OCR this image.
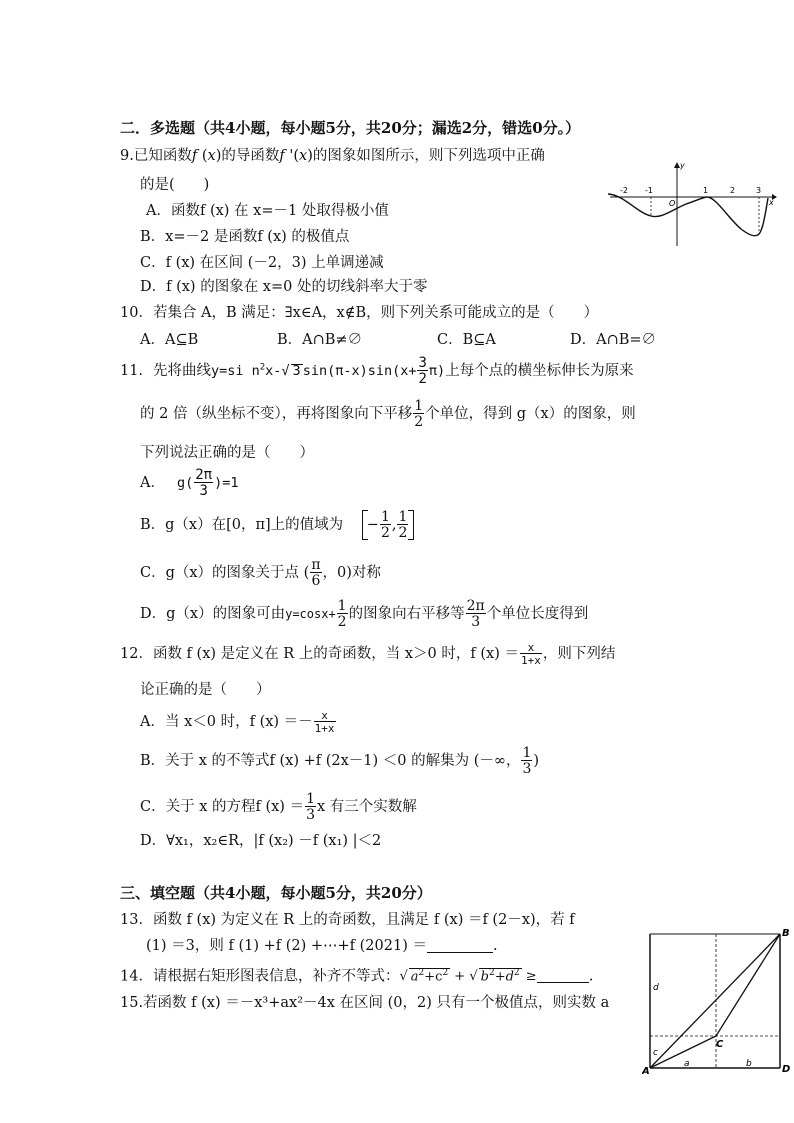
二．多选题（共4小题，每小题5分，共20分；漏选2分，错选0分。）
9.已知函数f (x)的导函数f '(x)的图象如图所示，则下列选项中正确
的是(　　)
A．函数f (x) 在 x=－1 处取得极小值
B．x=－2 是函数f (x) 的极值点
C．f (x) 在区间 (－2，3) 上单调递减
D．f (x) 的图象在 x=0 处的切线斜率大于零
y
x
O
-2 -1	1	2	3
10．若集合 A，B 满足：∃x∈A，x∉B，则下列关系可能成立的是（　　）
A．A⊆B	B．A∩B≠∅	C．B⊆A	D．A∩B=∅
11．先将曲线y=si $n^2x-√$ 3 $\sin(\pi-x)\sin(x+ \frac{3}{2} \pi)$上每个点的横坐标伸长为原来
的 2 倍（纵坐标不变），再将图象向下平移 $\frac{1}{2}$ 个单位，得到 g（x）的图象，则
下列说法正确的是（　　）
A． $g( \frac{2\pi}{3} )=1$
B．g（x）在[0，π]上的值域为 − $\frac{1}{2}$ , $\frac{1}{2}$
C．g（x）的图象关于点 ( $\frac{\pi}{6}$ ，0)对称
D．g（x）的图象可由$y=\cos x+ \frac{1}{2}$ 的图象向右平移等 $\frac{2\pi}{3}$ 个单位长度得到
12．函数 f (x) 是定义在 R 上的奇函数，当 x＞0 时，f $(x) = \frac{x}{1+x}$ ，则下列结
论正确的是（　　）
A．当 x＜0 时，f $(x) =- \frac{x}{1+x}$
B．关于 x 的不等式f (x) +f (2x－1) ＜0 的解集为 (－∞， $\frac{1}{3}$ )
C．关于 x 的方程f $(x) = \frac{1}{3}$ x 有三个实数解
D．∀x₁，x₂∈R，|f (x₂) －f (x₁) |＜2
三、填空题（共4小题，每小题5分，共20分）
13．函数 f (x) 为定义在 R 上的奇函数，且满足 f (x) ＝f (2－x)，若 f
(1) ＝3，则 f (1) +f (2) +⋯+f (2021) ＝	.
14．请根据右矩形图表信息，补齐不等式：√ $a^2+c^2$ + √ $b^2+d^2$ ≥	.
15.若函数 f (x) ＝－x³+ax²－4x 在区间 (0，2) 只有一个极值点，则实数 a
A
B
C
D
a	b
c
d
